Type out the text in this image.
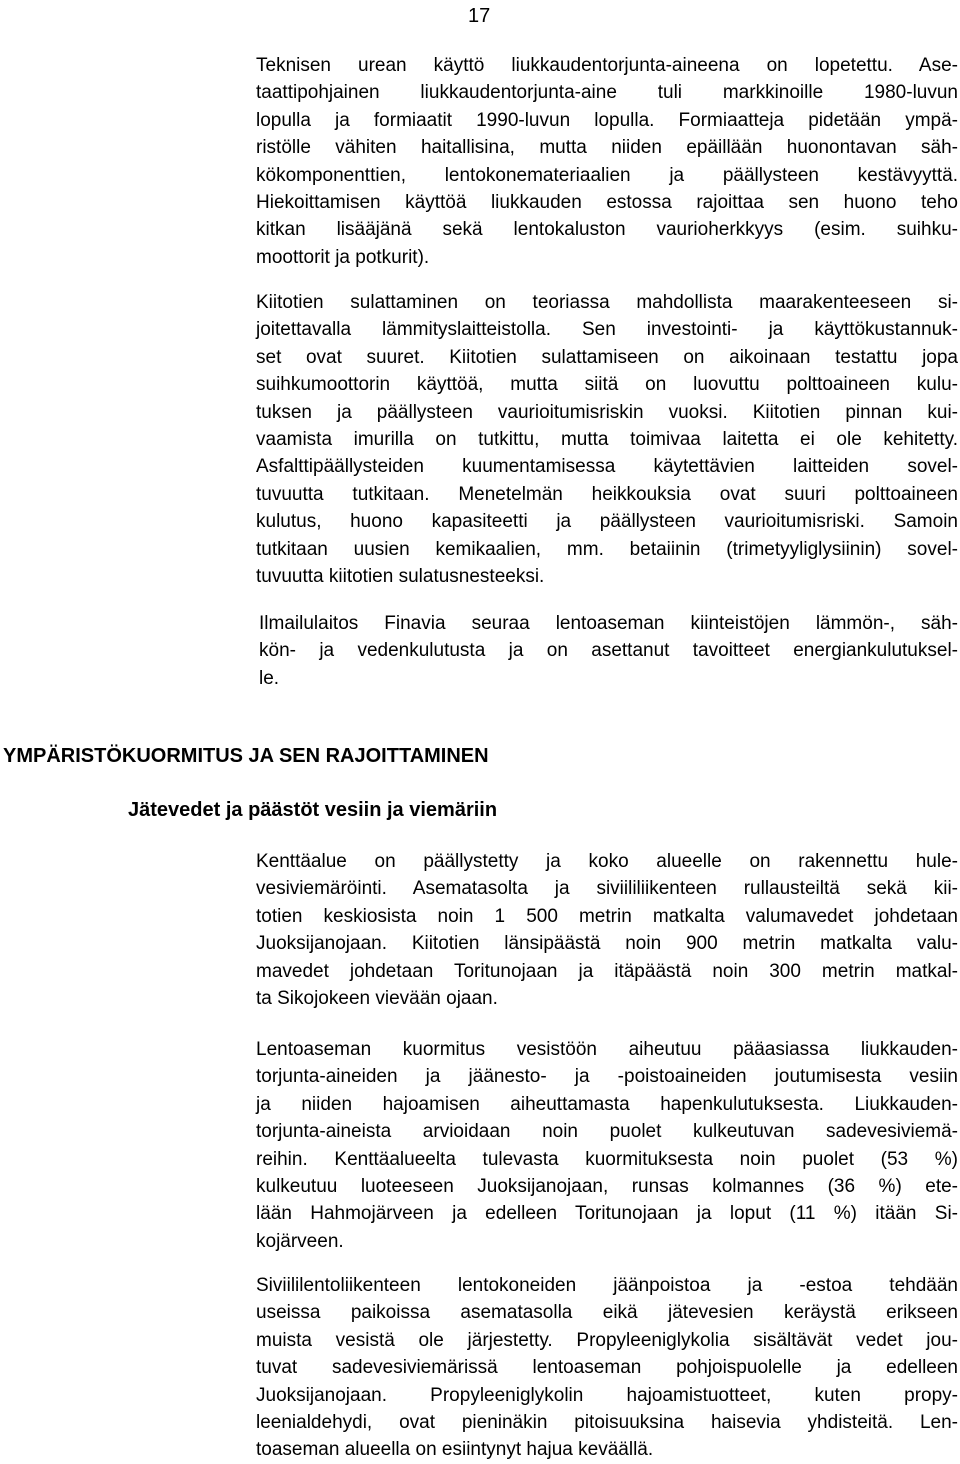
17
Teknisen urean käyttö liukkaudentorjunta-aineena on lopetettu. Ase-
taattipohjainen liukkaudentorjunta-aine tuli markkinoille 1980-luvun
lopulla ja formiaatit 1990-luvun lopulla. Formiaatteja pidetään ympä-
ristölle vähiten haitallisina, mutta niiden epäillään huonontavan säh-
kökomponenttien, lentokonemateriaalien ja päällysteen kestävyyttä.
Hiekoittamisen käyttöä liukkauden estossa rajoittaa sen huono teho
kitkan lisääjänä sekä lentokaluston vaurioherkkyys (esim. suihku-
moottorit ja potkurit).
Kiitotien sulattaminen on teoriassa mahdollista maarakenteeseen si-
joitettavalla lämmityslaitteistolla. Sen investointi- ja käyttökustannuk-
set ovat suuret. Kiitotien sulattamiseen on aikoinaan testattu jopa
suihkumoottorin käyttöä, mutta siitä on luovuttu polttoaineen kulu-
tuksen ja päällysteen vaurioitumisriskin vuoksi. Kiitotien pinnan kui-
vaamista imurilla on tutkittu, mutta toimivaa laitetta ei ole kehitetty.
Asfalttipäällysteiden kuumentamisessa käytettävien laitteiden sovel-
tuvuutta tutkitaan. Menetelmän heikkouksia ovat suuri polttoaineen
kulutus, huono kapasiteetti ja päällysteen vaurioitumisriski. Samoin
tutkitaan uusien kemikaalien, mm. betaiinin (trimetyyliglysiinin) sovel-
tuvuutta kiitotien sulatusnesteeksi.
Ilmailulaitos Finavia seuraa lentoaseman kiinteistöjen lämmön-, säh-
kön- ja vedenkulutusta ja on asettanut tavoitteet energiankulutuksel-
le.
YMPÄRISTÖKUORMITUS JA SEN RAJOITTAMINEN
Jätevedet ja päästöt vesiin ja viemäriin
Kenttäalue on päällystetty ja koko alueelle on rakennettu hule-
vesiviemäröinti. Asematasolta ja siviililiikenteen rullausteiltä sekä kii-
totien keskiosista noin 1 500 metrin matkalta valumavedet johdetaan
Juoksijanojaan. Kiitotien länsipäästä noin 900 metrin matkalta valu-
mavedet johdetaan Toritunojaan ja itäpäästä noin 300 metrin matkal-
ta Sikojokeen vievään ojaan.
Lentoaseman kuormitus vesistöön aiheutuu pääasiassa liukkauden-
torjunta-aineiden ja jäänesto- ja -poistoaineiden joutumisesta vesiin
ja niiden hajoamisen aiheuttamasta hapenkulutuksesta. Liukkauden-
torjunta-aineista arvioidaan noin puolet kulkeutuvan sadevesiviemä-
reihin. Kenttäalueelta tulevasta kuormituksesta noin puolet (53 %)
kulkeutuu luoteeseen Juoksijanojaan, runsas kolmannes (36 %) ete-
lään Hahmojärveen ja edelleen Toritunojaan ja loput (11 %) itään Si-
kojärveen.
Siviililentoliikenteen lentokoneiden jäänpoistoa ja -estoa tehdään
useissa paikoissa asematasolla eikä jätevesien keräystä erikseen
muista vesistä ole järjestetty. Propyleeniglykolia sisältävät vedet jou-
tuvat sadevesiviemärissä lentoaseman pohjoispuolelle ja edelleen
Juoksijanojaan. Propyleeniglykolin hajoamistuotteet, kuten propy-
leenialdehydi, ovat pieninäkin pitoisuuksina haisevia yhdisteitä. Len-
toaseman alueella on esiintynyt hajua keväällä.
